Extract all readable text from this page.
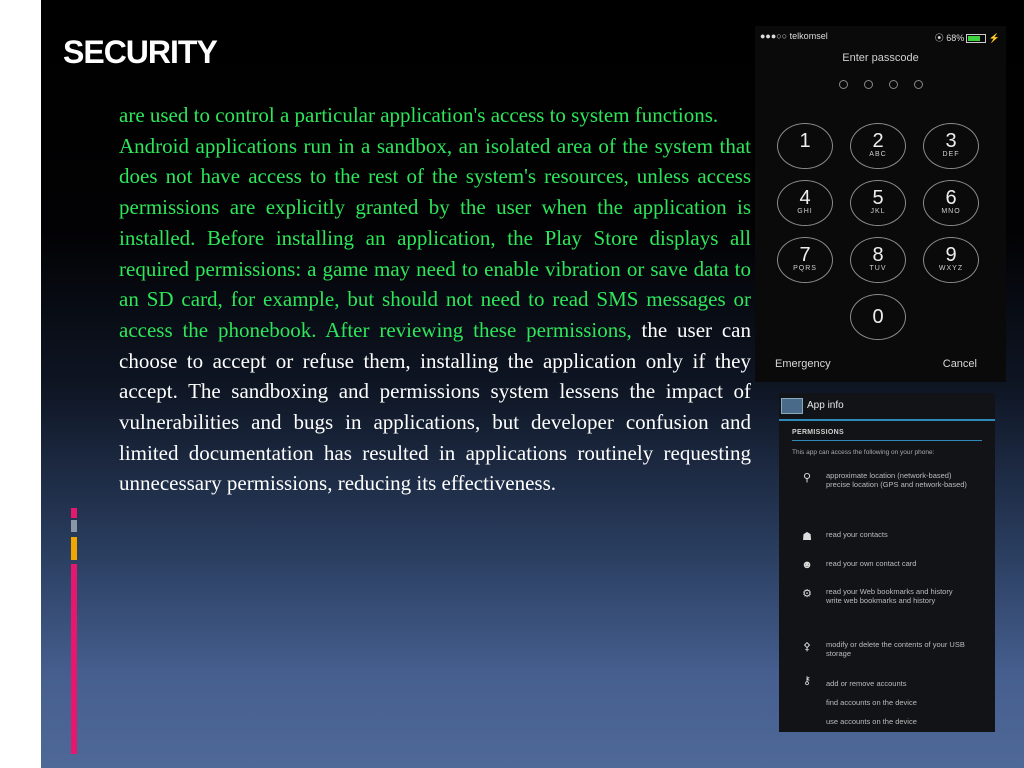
SECURITY

are used to control a particular application's access to system functions.

Android applications run in a sandbox, an isolated area of the system that does not have access to the rest of the system's resources, unless access permissions are explicitly granted by the user when the application is installed. Before installing an application, the Play Store displays all required permissions: a game may need to enable vibration or save data to an SD card, for example, but should not need to read SMS messages or access the phonebook. After reviewing these permissions, the user can choose to accept or refuse them, installing the application only if they accept. The sandboxing and permissions system lessens the impact of vulnerabilities and bugs in applications, but developer confusion and limited documentation has resulted in applications routinely requesting unnecessary permissions, reducing its effectiveness.

●●●○○ telkomsel	⦿ 68%
⚡
Enter passcode
1	2
ABC
3
DEF
4
GHI
5
JKL
6
MNO
7
PQRS
8
TUV
9
WXYZ
0
Emergency	Cancel
App info
PERMISSIONS
This app can access the following on your phone:
⚲	approximate location (network-based)
precise location (GPS and network-based)
☗	read your contacts
☻ read your own contact card
⚙	read your Web bookmarks and history
write web bookmarks and history
⚴	modify or delete the contents of your USB storage
⚷	add or remove accounts
find accounts on the device
use accounts on the device
